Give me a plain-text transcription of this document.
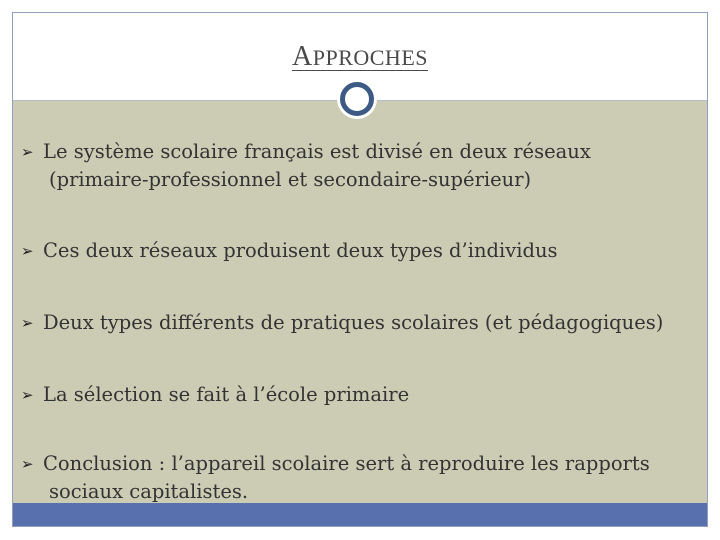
APPROCHES
➢ Le système scolaire français est divisé en deux réseaux
(primaire-professionnel et secondaire-supérieur)
➢ Ces deux réseaux produisent deux types d’individus
➢ Deux types différents de pratiques scolaires (et pédagogiques)
➢ La sélection se fait à l’école primaire
➢ Conclusion : l’appareil scolaire sert à reproduire les rapports
sociaux capitalistes.
